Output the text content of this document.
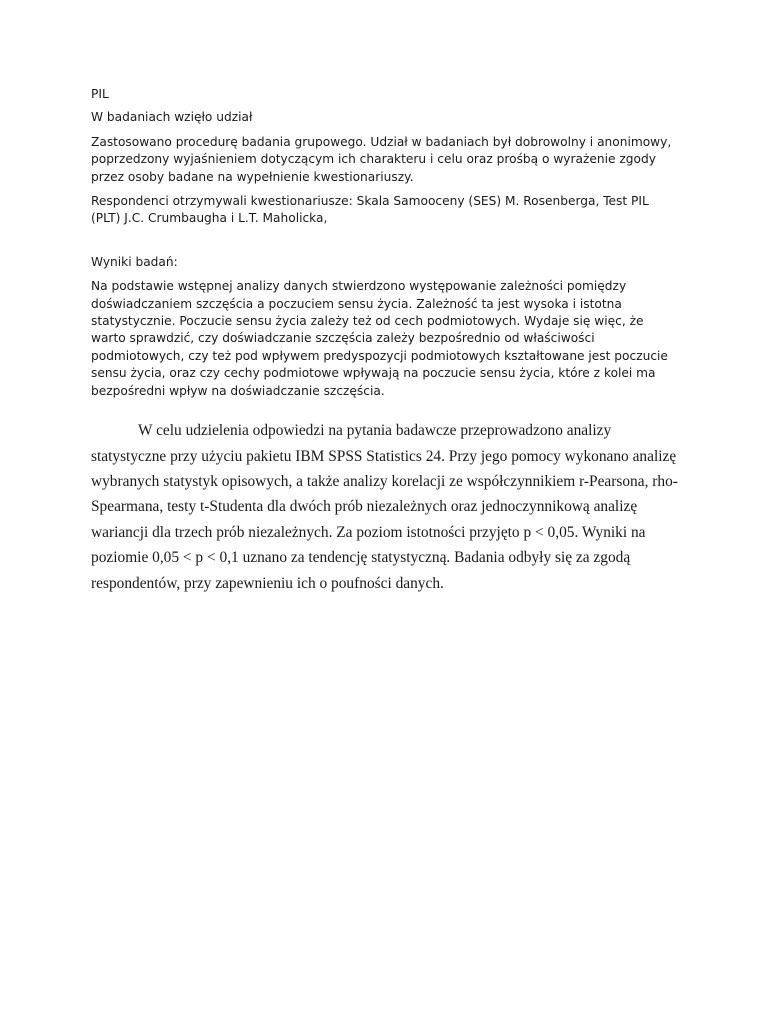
PIL

W badaniach wzięło udział

Zastosowano procedurę badania grupowego. Udział w badaniach był dobrowolny i anonimowy, poprzedzony wyjaśnieniem dotyczącym ich charakteru i celu oraz prośbą o wyrażenie zgody przez osoby badane na wypełnienie kwestionariuszy.

Respondenci otrzymywali kwestionariusze: Skala Samooceny (SES) M. Rosenberga, Test PIL (PLT) J.C. Crumbaugha i L.T. Maholicka,

Wyniki badań:

Na podstawie wstępnej analizy danych stwierdzono występowanie zależności pomiędzy doświadczaniem szczęścia a poczuciem sensu życia. Zależność ta jest wysoka i istotna statystycznie. Poczucie sensu życia zależy też od cech podmiotowych. Wydaje się więc, że warto sprawdzić, czy doświadczanie szczęścia zależy bezpośrednio od właściwości podmiotowych, czy też pod wpływem predyspozycji podmiotowych kształtowane jest poczucie sensu życia, oraz czy cechy podmiotowe wpływają na poczucie sensu życia, które z kolei ma bezpośredni wpływ na doświadczanie szczęścia.

W celu udzielenia odpowiedzi na pytania badawcze przeprowadzono analizy statystyczne przy użyciu pakietu IBM SPSS Statistics 24. Przy jego pomocy wykonano analizę wybranych statystyk opisowych, a także analizy korelacji ze współczynnikiem r-Pearsona, rho-Spearmana, testy t-Studenta dla dwóch prób niezależnych oraz jednoczynnikową analizę wariancji dla trzech prób niezależnych. Za poziom istotności przyjęto p < 0,05. Wyniki na poziomie 0,05 < p < 0,1 uznano za tendencję statystyczną. Badania odbyły się za zgodą respondentów, przy zapewnieniu ich o poufności danych.
